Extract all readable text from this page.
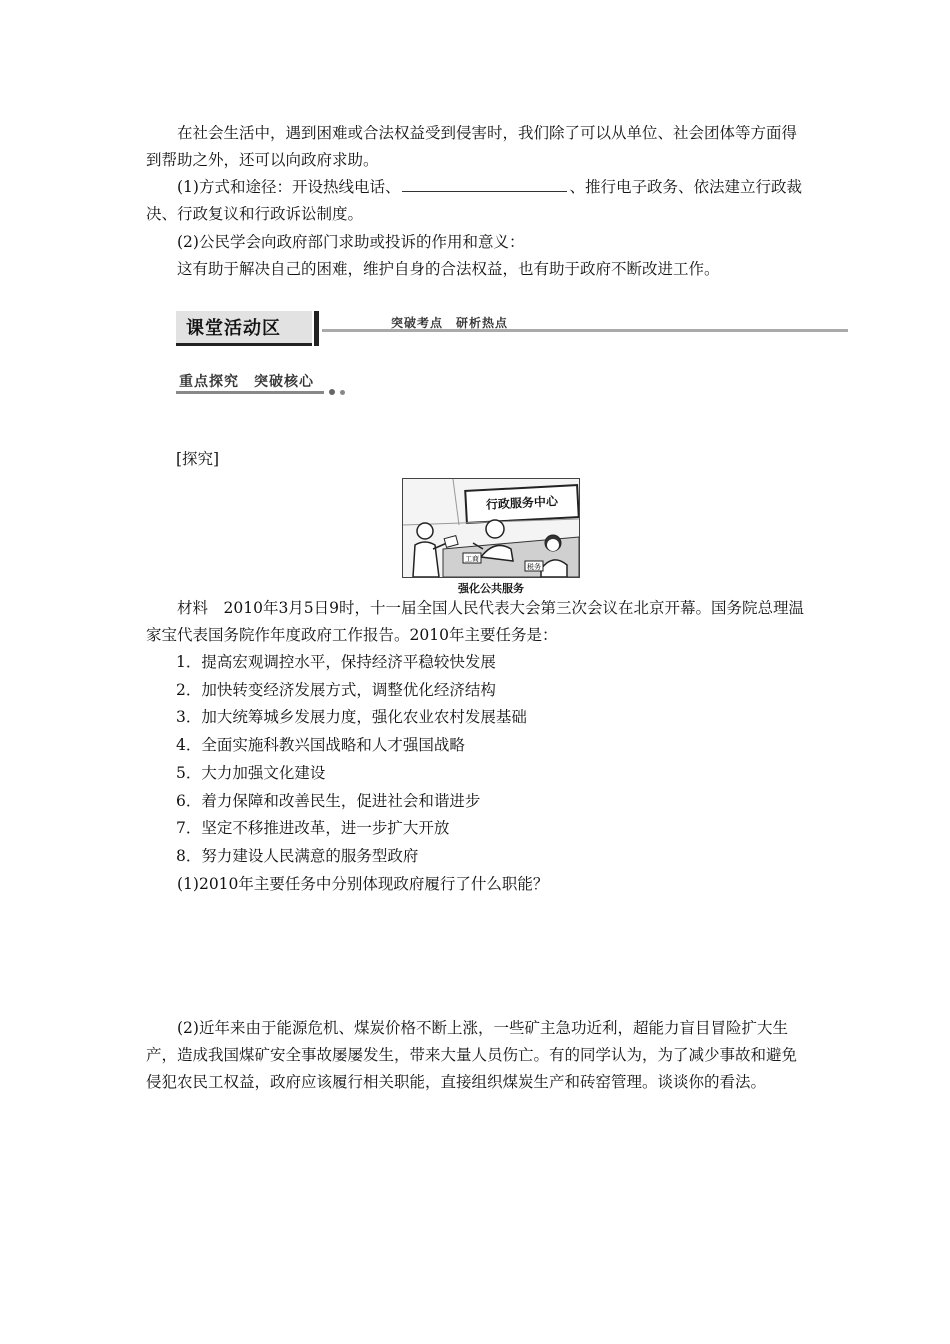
在社会生活中，遇到困难或合法权益受到侵害时，我们除了可以从单位、社会团体等方面得到帮助之外，还可以向政府求助。
(1)方式和途径：开设热线电话、	、推行电子政务、依法建立行政裁决、行政复议和行政诉讼制度。
(2)公民学会向政府部门求助或投诉的作用和意义：
这有助于解决自己的困难，维护自身的合法权益，也有助于政府不断改进工作。
课堂活动区	突破考点　研析热点
重点探究　突破核心
[探究]
行政服务中心
工商
税务
强化公共服务
材料　2010年3月5日9时，十一届全国人民代表大会第三次会议在北京开幕。国务院总理温家宝代表国务院作年度政府工作报告。2010年主要任务是：
1．提高宏观调控水平，保持经济平稳较快发展
2．加快转变经济发展方式，调整优化经济结构
3．加大统筹城乡发展力度，强化农业农村发展基础
4．全面实施科教兴国战略和人才强国战略
5．大力加强文化建设
6．着力保障和改善民生，促进社会和谐进步
7．坚定不移推进改革，进一步扩大开放
8．努力建设人民满意的服务型政府
(1)2010年主要任务中分别体现政府履行了什么职能？
(2)近年来由于能源危机、煤炭价格不断上涨，一些矿主急功近利，超能力盲目冒险扩大生产，造成我国煤矿安全事故屡屡发生，带来大量人员伤亡。有的同学认为，为了减少事故和避免侵犯农民工权益，政府应该履行相关职能，直接组织煤炭生产和砖窑管理。谈谈你的看法。
